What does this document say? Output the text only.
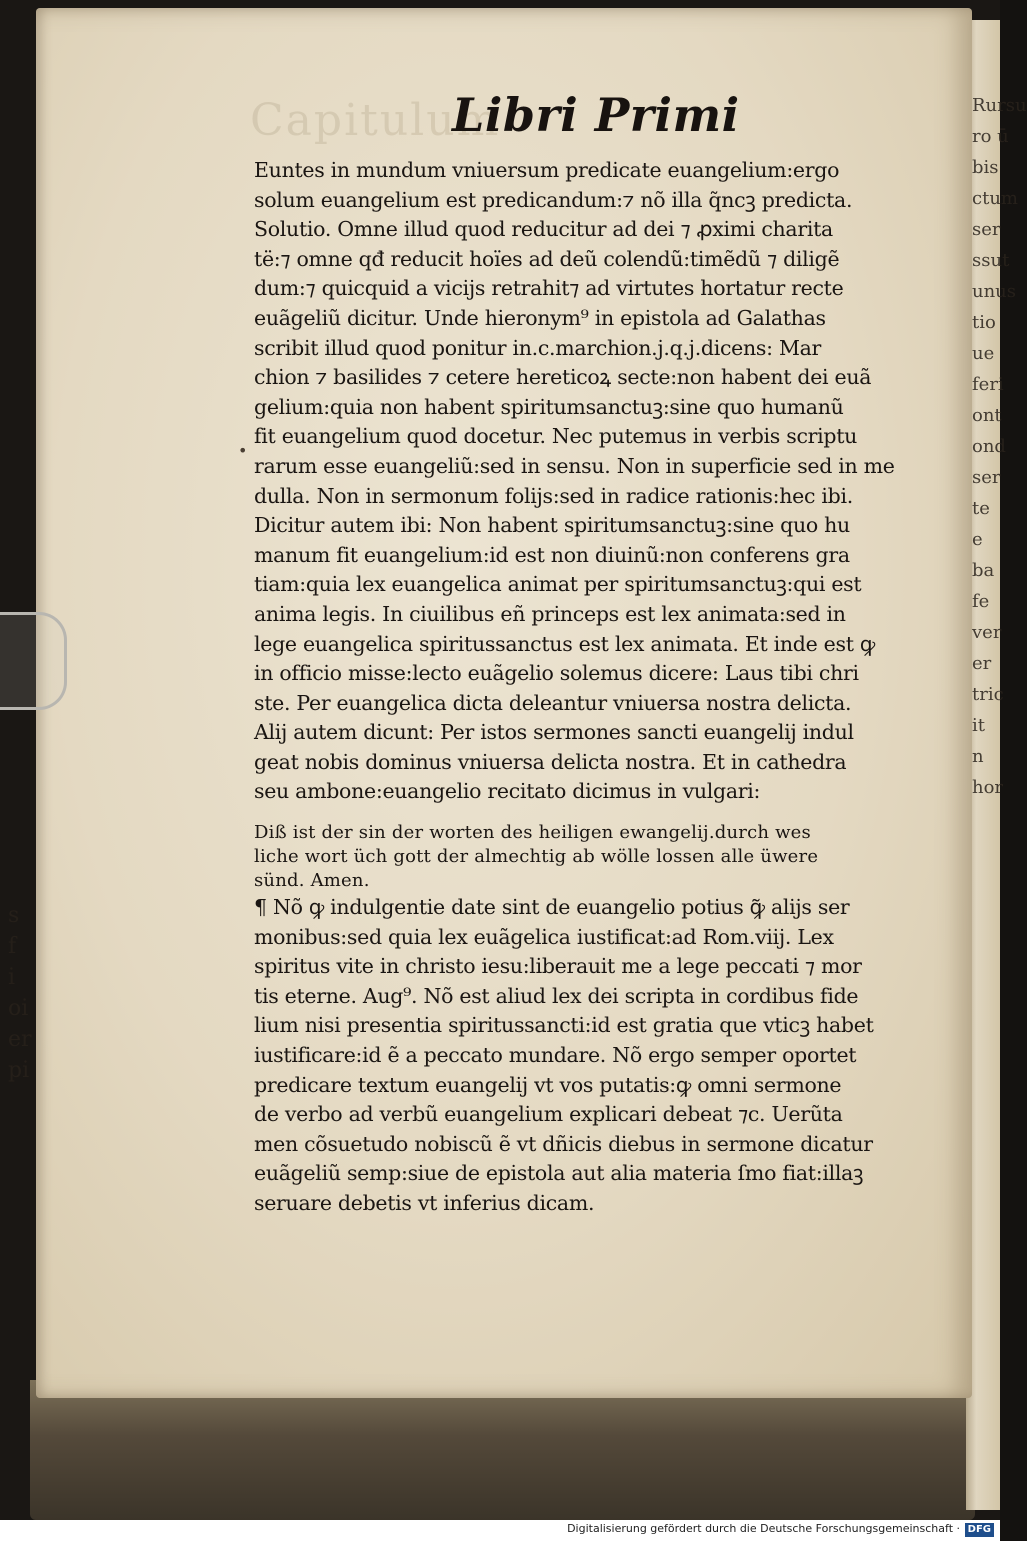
Rursu
ro ū
bis
ctum
ser
ssut
unus
tio
ue
feri
ont
ond
ser
te
e
ba
fe
ver
er
tric
it
n
hor
s
f
i
oi
er
pi
Capitulum
Libri Primi
•
Euntes in mundum vniuersum predicate euangelium:ergo
solum euangelium est predicandum:⁊ nõ illa q̃ncꝫ predicta.
Solutio. Omne illud quod reducitur ad dei ⁊ ꝓximi charita
të:⁊ omne qđ reducit hoïes ad deũ colendũ:timẽdũ ⁊ diligẽ
dum:⁊ quicquid a vicijs retrahit⁊ ad virtutes hortatur recte
euãgeliũ dicitur. Unde hieronym⁹ in epistola ad Galathas
scribit illud quod ponitur in.c.marchion.j.q.j.dicens: Mar
chion ⁊ basilides ⁊ cetere hereticoꝝ secte:non habent dei euã
gelium:quia non habent spiritumsanctuꝫ:sine quo humanũ
fit euangelium quod docetur. Nec putemus in verbis scriptu
rarum esse euangeliũ:sed in sensu. Non in superficie sed in me
dulla. Non in sermonum folijs:sed in radice rationis:hec ibi.
Dicitur autem ibi: Non habent spiritumsanctuꝫ:sine quo hu
manum fit euangelium:id est non diuinũ:non conferens gra
tiam:quia lex euangelica animat per spiritumsanctuꝫ:qui est
anima legis. In ciuilibus eñ princeps est lex animata:sed in
lege euangelica spiritussanctus est lex animata. Et inde est ꝙ
in officio misse:lecto euãgelio solemus dicere: Laus tibi chri
ste. Per euangelica dicta deleantur vniuersa nostra delicta.
Alij autem dicunt: Per istos sermones sancti euangelij indul
geat nobis dominus vniuersa delicta nostra. Et in cathedra
seu ambone:euangelio recitato dicimus in vulgari:
Diß ist der sin der worten des heiligen ewangelij.durch wes
liche wort üch gott der almechtig ab wölle lossen alle üwere
sünd. Amen.
¶ Nõ ꝙ indulgentie date sint de euangelio potius ꝙ̃ alijs ser
monibus:sed quia lex euãgelica iustificat:ad Rom.viij. Lex
spiritus vite in christo iesu:liberauit me a lege peccati ⁊ mor
tis eterne. Aug⁹. Nõ est aliud lex dei scripta in cordibus fide
lium nisi presentia spiritussancti:id est gratia que vticꝫ habet
iustificare:id ẽ a peccato mundare. Nõ ergo semper oportet
predicare textum euangelij vt vos putatis:ꝙ omni sermone
de verbo ad verbũ euangelium explicari debeat ⁊c. Uerũta
men cõsuetudo nobiscũ ẽ vt dñicis diebus in sermone dicatur
euãgeliũ semp:siue de epistola aut alia materia ſmo fiat:illaꝫ
seruare debetis vt inferius dicam.
Digitalisierung gefördert durch die Deutsche Forschungsgemeinschaft · DFG
